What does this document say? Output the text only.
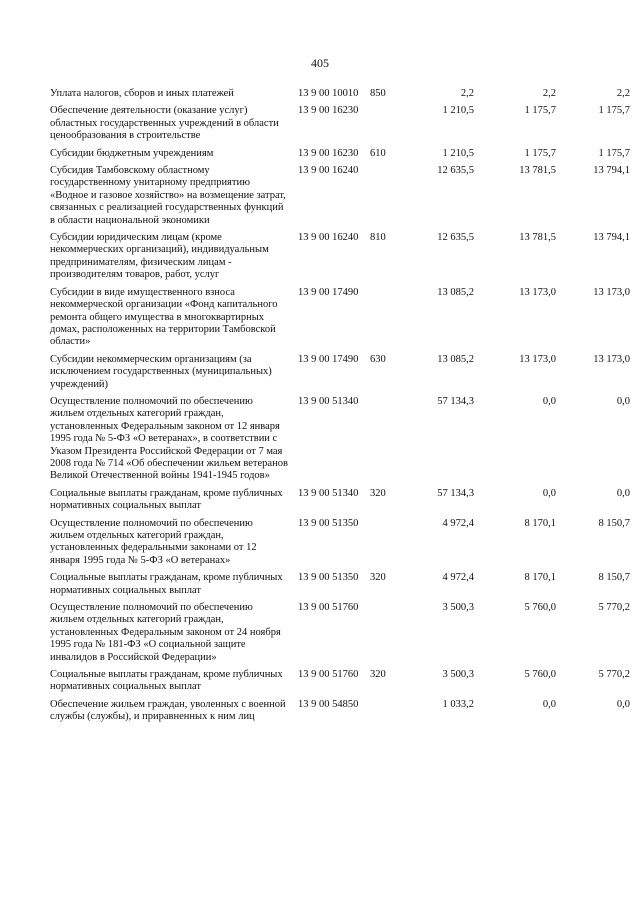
405
Уплата налогов, сборов и иных платежей	13 9 00 10010	850	2,2	2,2	2,2
Обеспечение деятельности (оказание услуг) областных государственных учреждений в области ценообразования в строительстве	13 9 00 16230		1 210,5	1 175,7	1 175,7
Субсидии бюджетным учреждениям	13 9 00 16230	610	1 210,5	1 175,7	1 175,7
Субсидия Тамбовскому областному государственному унитарному предприятию «Водное и газовое хозяйство» на возмещение затрат, связанных с реализацией государственных функций в области национальной экономики	13 9 00 16240		12 635,5	13 781,5	13 794,1
Субсидии юридическим лицам (кроме некоммерческих организаций), индивидуальным предпринимателям, физическим лицам - производителям товаров, работ, услуг	13 9 00 16240	810	12 635,5	13 781,5	13 794,1
Субсидии в виде имущественного взноса некоммерческой организации «Фонд капитального ремонта общего имущества в многоквартирных домах, расположенных на территории Тамбовской области»	13 9 00 17490		13 085,2	13 173,0	13 173,0
Субсидии некоммерческим организациям (за исключением государственных (муниципальных) учреждений)	13 9 00 17490	630	13 085,2	13 173,0	13 173,0
Осуществление полномочий по обеспечению жильем отдельных категорий граждан, установленных Федеральным законом от 12 января 1995 года № 5-ФЗ «О ветеранах», в соответствии с Указом Президента Российской Федерации от 7 мая 2008 года № 714 «Об обеспечении жильем ветеранов Великой Отечественной войны 1941-1945 годов»	13 9 00 51340		57 134,3	0,0	0,0
Социальные выплаты гражданам, кроме публичных нормативных социальных выплат	13 9 00 51340	320	57 134,3	0,0	0,0
Осуществление полномочий по обеспечению жильем отдельных категорий граждан, установленных федеральными законами от 12 января 1995 года № 5-ФЗ «О ветеранах»	13 9 00 51350		4 972,4	8 170,1	8 150,7
Социальные выплаты гражданам, кроме публичных нормативных социальных выплат	13 9 00 51350	320	4 972,4	8 170,1	8 150,7
Осуществление полномочий по обеспечению жильем отдельных категорий граждан, установленных Федеральным законом от 24 ноября 1995 года № 181-ФЗ «О социальной защите инвалидов в Российской Федерации»	13 9 00 51760		3 500,3	5 760,0	5 770,2
Социальные выплаты гражданам, кроме публичных нормативных социальных выплат	13 9 00 51760	320	3 500,3	5 760,0	5 770,2
Обеспечение жильем граждан, уволенных с военной службы (службы), и приравненных к ним лиц	13 9 00 54850		1 033,2	0,0	0,0
